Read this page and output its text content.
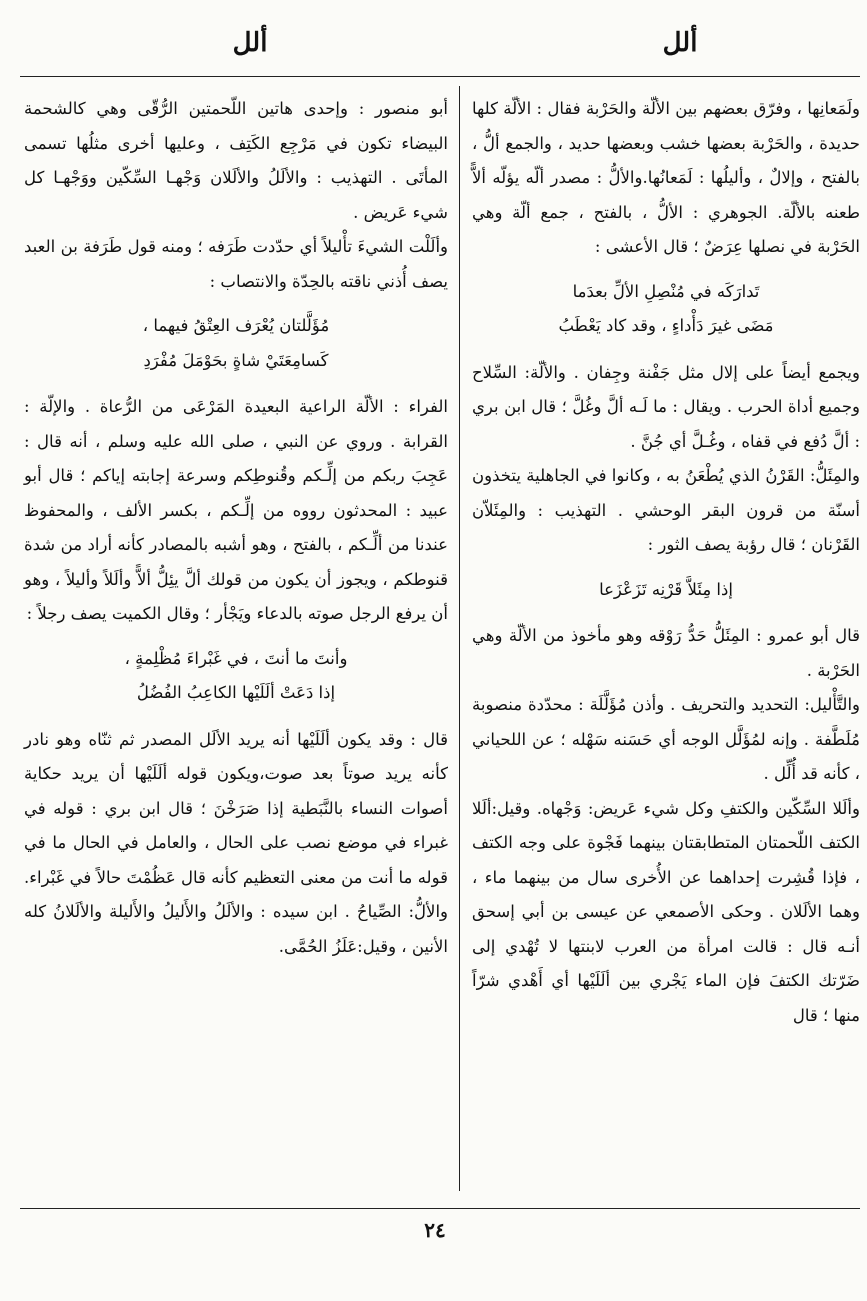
ألل
ألل

ولَمَعانِها ، وفرّق بعضهم بين الألّة والحَرْبة فقال : الألّة كلها حديدة ، والحَرْبة بعضها خشب وبعضها حديد ، والجمع ألُّ ، بالفتح ، وإلالٌ ، وأليلُها : لَمَعانُها.والألُّ : مصدر ألّه يؤلّه ألاًّ طعنه بالألّة. الجوهري : الألُّ ، بالفتح ، جمع ألّة وهي الحَرْبة في نصلها عِرَضٌ ؛ قال الأعشى :

تَدارَكَه في مُنْصِلِ الألِّ بعدَما
مَضَى غيرَ دَأْداءٍ ، وقد كاد يَعْطَبُ

ويجمع أيضاً على إلال مثل جَفْنة وجِفان . والألّة: السِّلاح وجميع أداة الحرب . ويقال : ما لَـه ألَّ وغُلَّ ؛ قال ابن بري : ألَّ دُفع في قفاه ، وغُـلَّ أي جُنَّ .

والمِئَلُّ: القَرْنُ الذي يُطْعَنُ به ، وكانوا في الجاهلية يتخذون أسنّة من قرون البقر الوحشي . التهذيب : والمِئَلاّن القَرْنان ؛ قال رؤبة يصف الثور :

إذا مِئَلاَّ قَرْنِه تَزَعْزَعا

قال أبو عمرو : المِئَلُّ حَدُّ رَوْقه وهو مأخوذ من الألّة وهي الحَرْبة .

والتَّأْليل: التحديد والتحريف . وأذن مُؤَلَّلَة : محدّدة منصوبة مُلَطَّفة . وإنه لمُؤَلَّل الوجه أي حَسَنه سَهْله ؛ عن اللحياني ، كأنه قد أُلِّل .

وألَلا السِّكّين والكتفِ وكل شيء عَريض: وَجْهاه. وقيل:ألَلا الكتف اللّحمتان المتطابقتان بينهما فَجْوة على وجه الكتف ، فإذا قُشِرت إحداهما عن الأُخرى سال من بينهما ماء ، وهما الألَلان . وحكى الأصمعي عن عيسى بن أبي إسحق أنـه قال : قالت امرأة من العرب لابنتها لا تُهْدي إلى ضَرّتك الكتفَ فإن الماء يَجْري بين ألَلَيْها أي أَهْدي شرّاً منها ؛ قال

أبو منصور : وإحدى هاتين اللّحمتين الرُّقّى وهي كالشحمة البيضاء تكون في مَرْجِع الكَتِف ، وعليها أخرى مثلُها تسمى المأتَى . التهذيب : والألَلُ والألَلان وَجْهـا السِّكّين ووَجْهـا كل شيء عَريض .

وألَلْت الشيءَ تأْليلاً أي حدّدت طَرَفه ؛ ومنه قول طَرَفة بن العبد يصف أُذني ناقته بالحِدّة والانتصاب :

مُؤَلَّلتان يُعْرَف العِتْقُ فيهما ،
كَسامِعَتَيْ شاةٍ بحَوْمَلَ مُفْرَدِ

الفراء : الألّة الراعية البعيدة المَرْعَى من الرُّعاة . والإلّة : القرابة . وروي عن النبي ، صلى الله عليه وسلم ، أنه قال : عَجِبَ ربكم من إلِّـكم وقُنوطِكم وسرعة إجابته إياكم ؛ قال أبو عبيد : المحدثون رووه من إلِّـكم ، بكسر الألف ، والمحفوظ عندنا من ألِّـكم ، بالفتح ، وهو أشبه بالمصادر كأنه أراد من شدة قنوطكم ، ويجوز أن يكون من قولك ألَّ يئِلُّ ألاًّ وألَلاً وأليلاً ، وهو أن يرفع الرجل صوته بالدعاء ويَجْأر ؛ وقال الكميت يصف رجلاً :

وأنتَ ما أنتَ ، في غَبْراءَ مُظْلِمةٍ ،
إذا دَعَتْ ألَلَيْها الكاعِبُ الفُضُلُ

قال : وقد يكون ألَلَيْها أنه يريد الألَل المصدر ثم ثنّاه وهو نادر كأنه يريد صوتاً بعد صوت،ويكون قوله ألَلَيْها أن يريد حكاية أصوات النساء بالنَّبَطية إذا صَرَخْنَ ؛ قال ابن بري : قوله في غبراء في موضع نصب على الحال ، والعامل في الحال ما في قوله ما أنت من معنى التعظيم كأنه قال عَظُمْتَ حالاً في غَبْراء. والألُّ: الصِّياحُ . ابن سيده : والألَلُ والأَليلُ والأَليلة والألَلانُ كله الأنين ، وقيل:عَلَزُ الحُمَّى.

٢٤
